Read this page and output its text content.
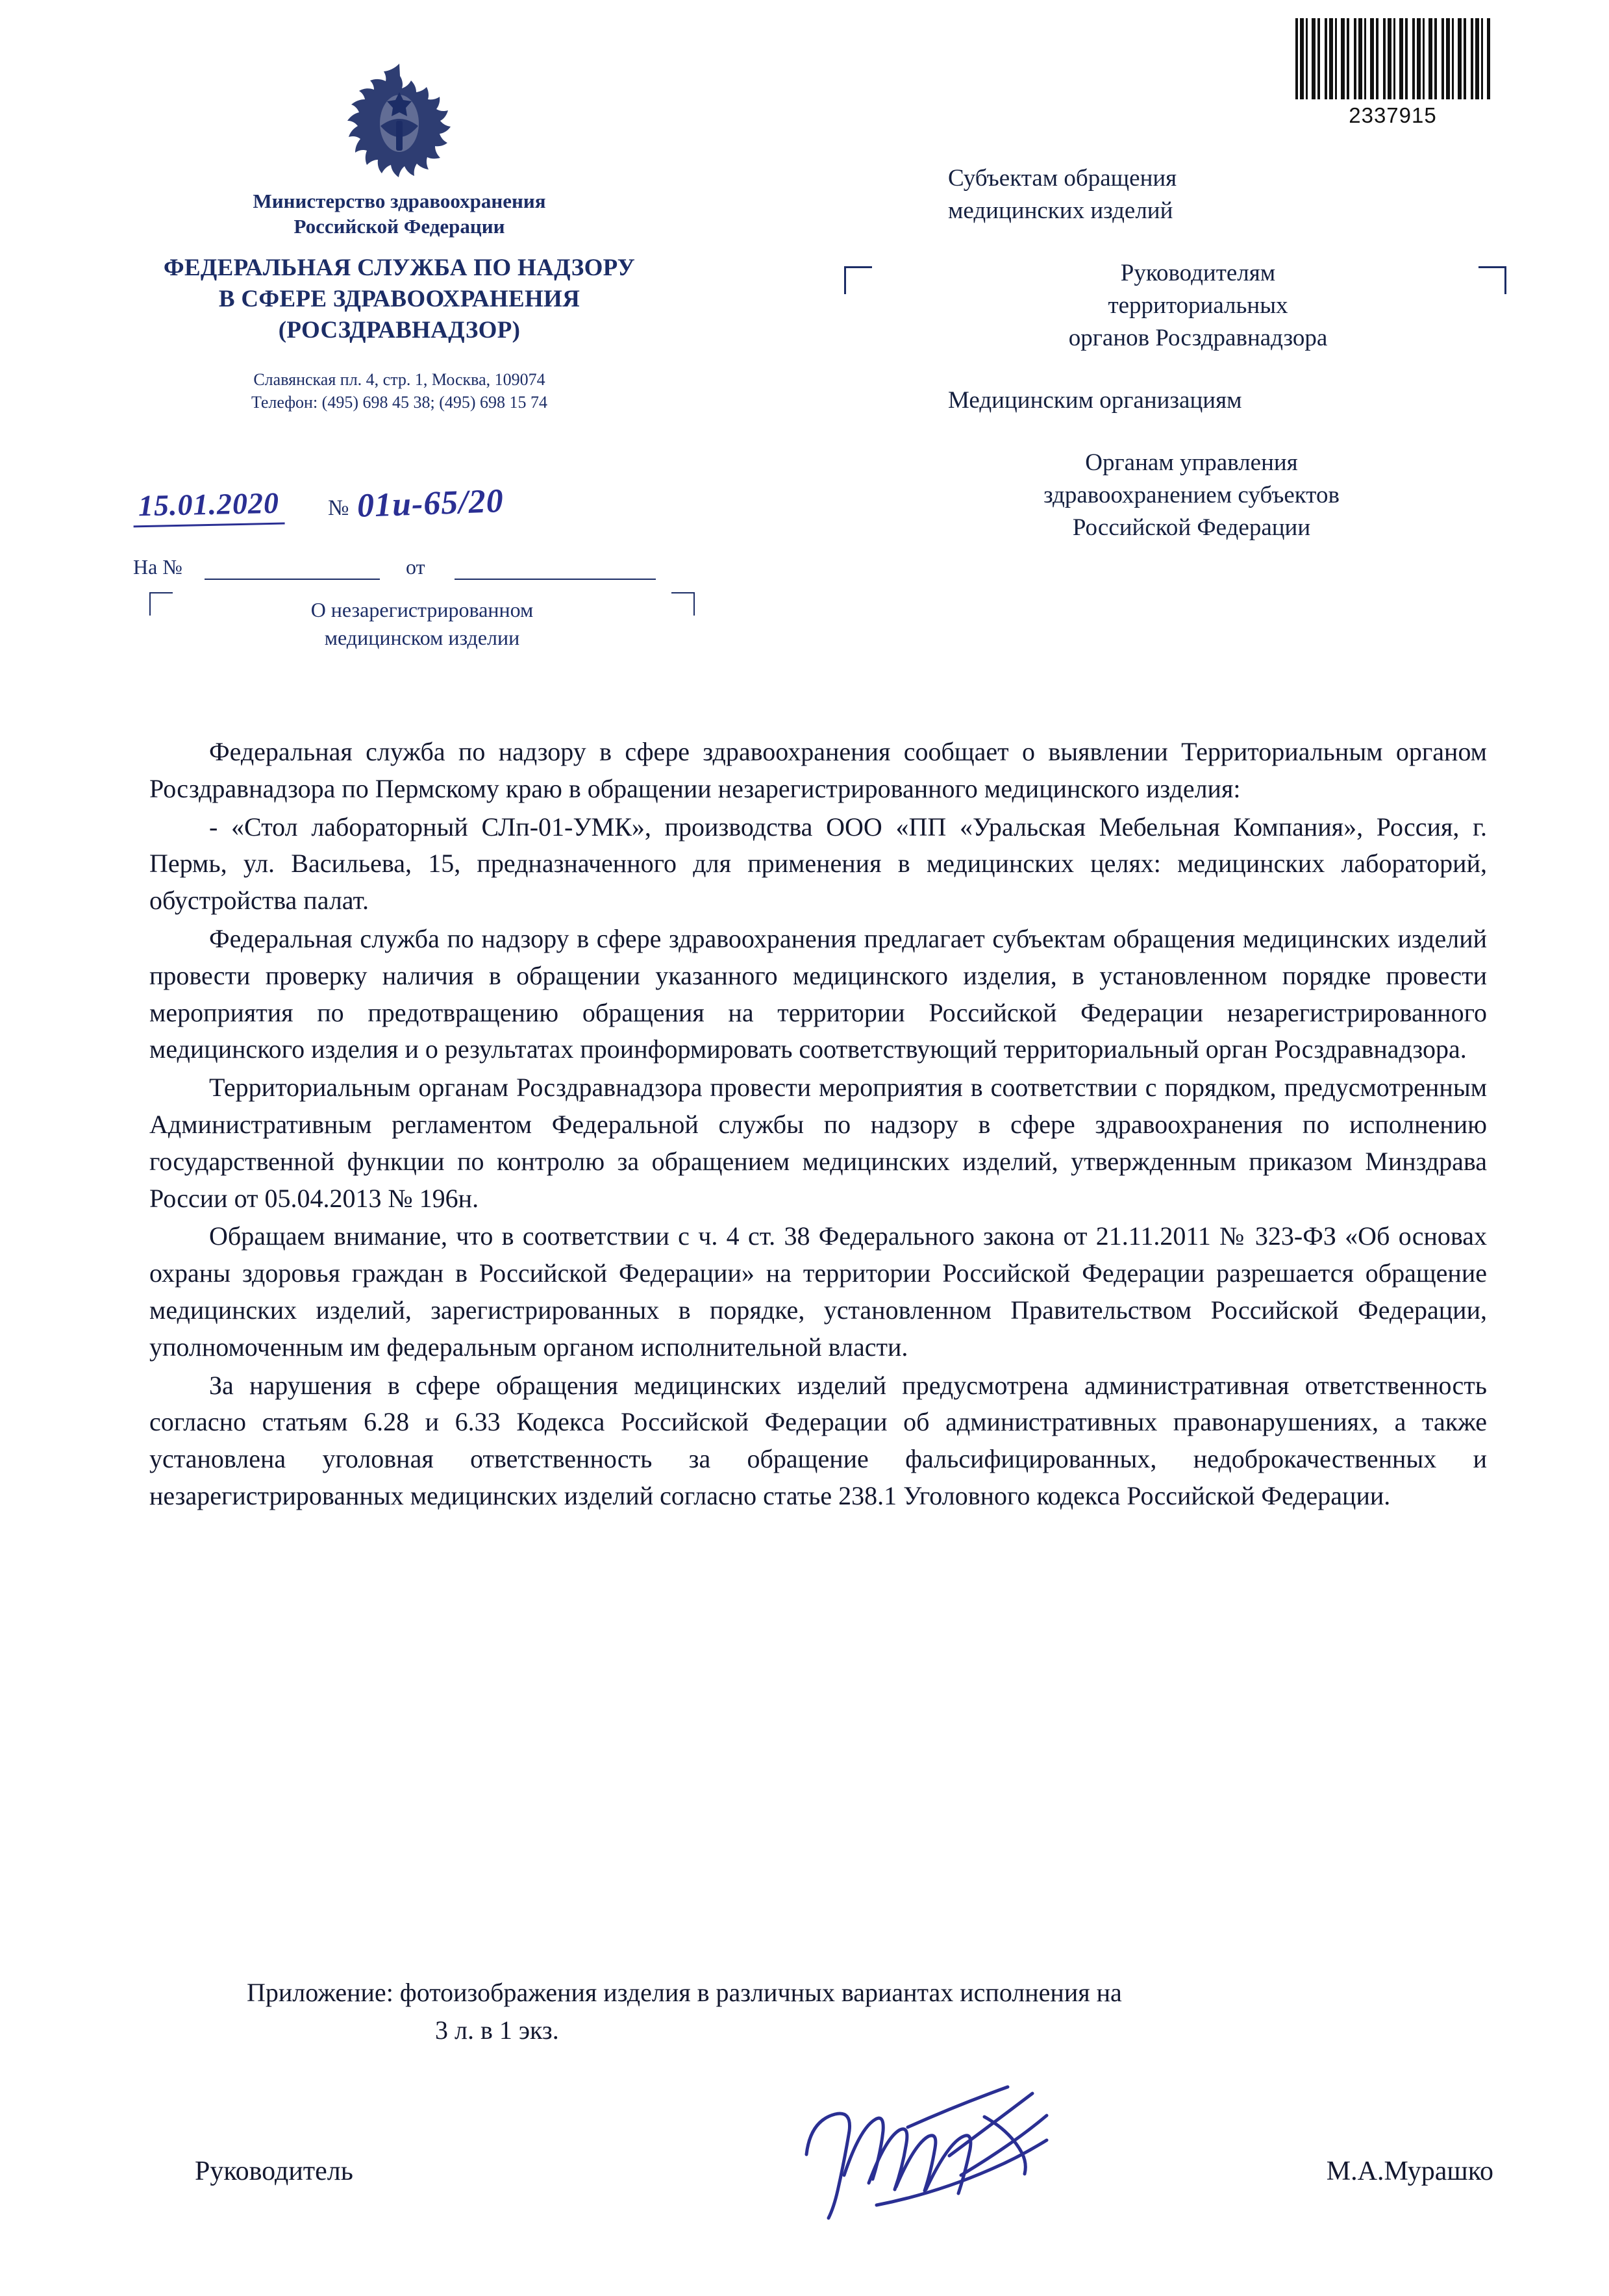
2337915
Министерство здравоохранения
Российской Федерации
ФЕДЕРАЛЬНАЯ СЛУЖБА ПО НАДЗОРУ
В СФЕРЕ ЗДРАВООХРАНЕНИЯ
(РОСЗДРАВНАДЗОР)
Славянская пл. 4, стр. 1, Москва, 109074
Телефон: (495) 698 45 38; (495) 698 15 74
15.01.2020 № 01и-65/20
На №	от
О незарегистрированном
медицинском изделии

Субъектам обращения
медицинских изделий

Руководителям
территориальных
органов Росздравнадзора

Медицинским организациям

Органам управления
здравоохранением субъектов
Российской Федерации

Федеральная служба по надзору в сфере здравоохранения сообщает о выявлении Территориальным органом Росздравнадзора по Пермскому краю в обращении незарегистрированного медицинского изделия:

- «Стол лабораторный СЛп-01-УМК», производства ООО «ПП «Уральская Мебельная Компания», Россия, г. Пермь, ул. Васильева, 15, предназначенного для применения в медицинских целях: медицинских лабораторий, обустройства палат.

Федеральная служба по надзору в сфере здравоохранения предлагает субъектам обращения медицинских изделий провести проверку наличия в обращении указанного медицинского изделия, в установленном порядке провести мероприятия по предотвращению обращения на территории Российской Федерации незарегистрированного медицинского изделия и о результатах проинформировать соответствующий территориальный орган Росздравнадзора.

Территориальным органам Росздравнадзора провести мероприятия в соответствии с порядком, предусмотренным Административным регламентом Федеральной службы по надзору в сфере здравоохранения по исполнению государственной функции по контролю за обращением медицинских изделий, утвержденным приказом Минздрава России от 05.04.2013 № 196н.

Обращаем внимание, что в соответствии с ч. 4 ст. 38 Федерального закона от 21.11.2011 № 323-ФЗ «Об основах охраны здоровья граждан в Российской Федерации» на территории Российской Федерации разрешается обращение медицинских изделий, зарегистрированных в порядке, установленном Правительством Российской Федерации, уполномоченным им федеральным органом исполнительной власти.

За нарушения в сфере обращения медицинских изделий предусмотрена административная ответственность согласно статьям 6.28 и 6.33 Кодекса Российской Федерации об административных правонарушениях, а также установлена уголовная ответственность за обращение фальсифицированных, недоброкачественных и незарегистрированных медицинских изделий согласно статье 238.1 Уголовного кодекса Российской Федерации.

Приложение: фотоизображения изделия в различных вариантах исполнения на
3 л. в 1 экз.
Руководитель	М.А.Мурашко
